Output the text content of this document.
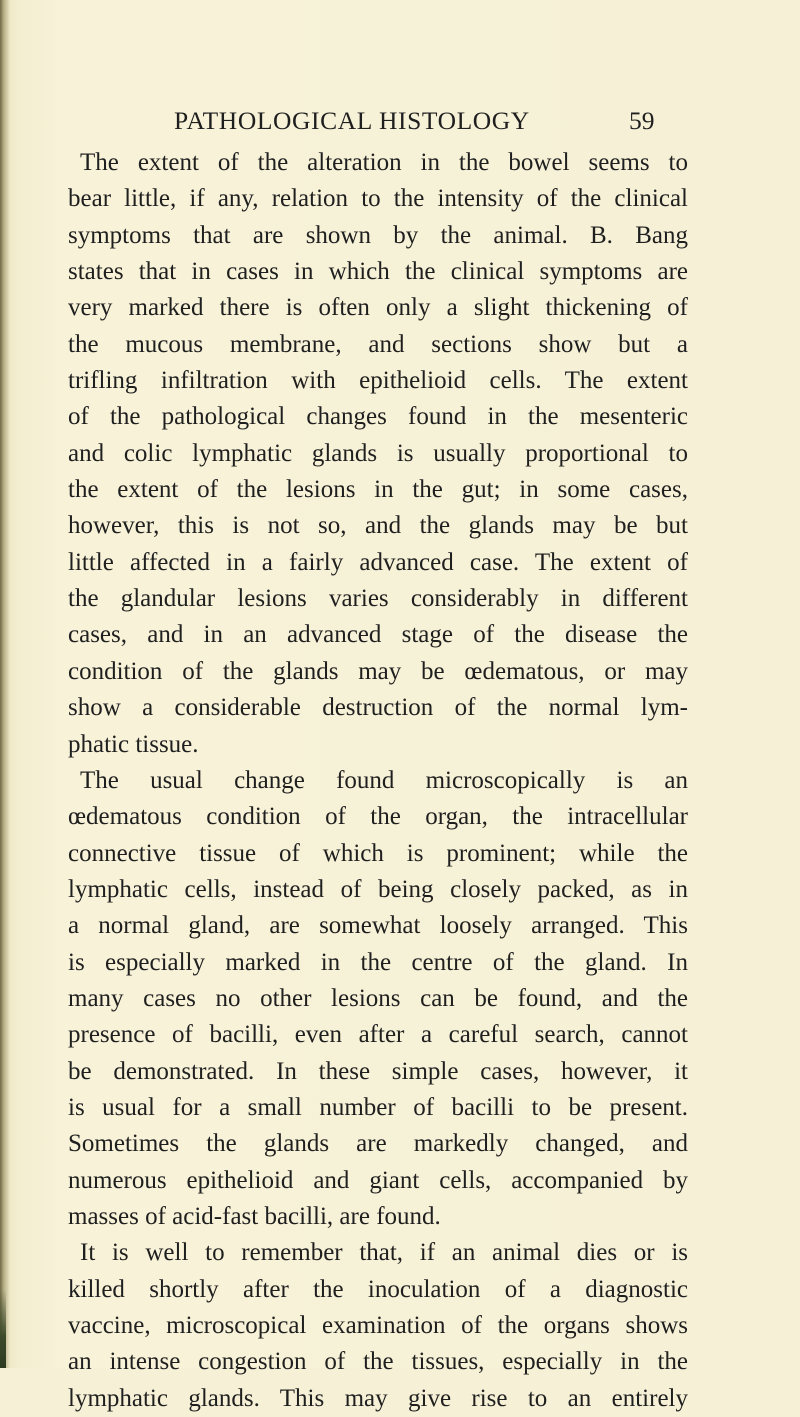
PATHOLOGICAL HISTOLOGY	59
The extent of the alteration in the bowel seems to
bear little, if any, relation to the intensity of the clinical
symptoms that are shown by the animal. B. Bang
states that in cases in which the clinical symptoms are
very marked there is often only a slight thickening of
the mucous membrane, and sections show but a
trifling infiltration with epithelioid cells. The extent
of the pathological changes found in the mesenteric
and colic lymphatic glands is usually proportional to
the extent of the lesions in the gut; in some cases,
however, this is not so, and the glands may be but
little affected in a fairly advanced case. The extent of
the glandular lesions varies considerably in different
cases, and in an advanced stage of the disease the
condition of the glands may be œdematous, or may
show a considerable destruction of the normal lym-
phatic tissue.
The usual change found microscopically is an
œdematous condition of the organ, the intracellular
connective tissue of which is prominent; while the
lymphatic cells, instead of being closely packed, as in
a normal gland, are somewhat loosely arranged. This
is especially marked in the centre of the gland. In
many cases no other lesions can be found, and the
presence of bacilli, even after a careful search, cannot
be demonstrated. In these simple cases, however, it
is usual for a small number of bacilli to be present.
Sometimes the glands are markedly changed, and
numerous epithelioid and giant cells, accompanied by
masses of acid-fast bacilli, are found.
It is well to remember that, if an animal dies or is
killed shortly after the inoculation of a diagnostic
vaccine, microscopical examination of the organs shows
an intense congestion of the tissues, especially in the
lymphatic glands. This may give rise to an entirely
